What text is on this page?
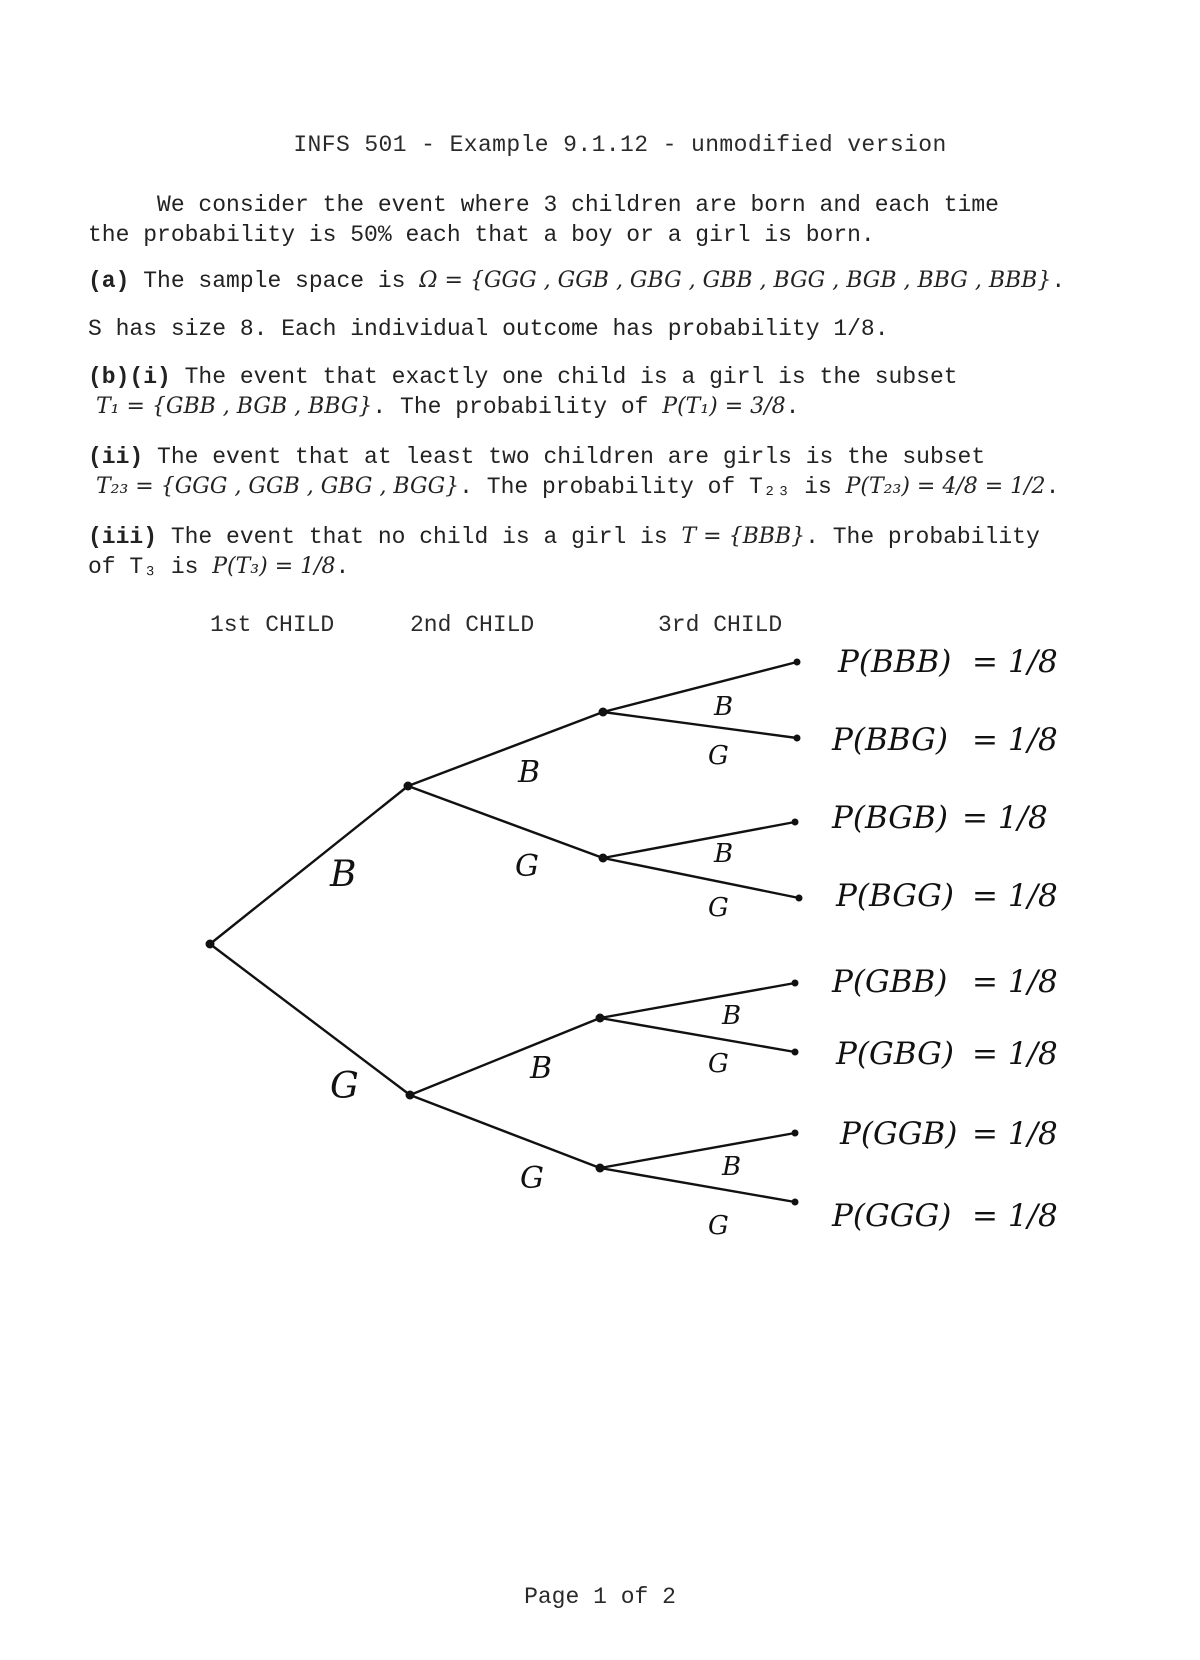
INFS 501 - Example 9.1.12 - unmodified version
We consider the event where 3 children are born and each time
the probability is 50% each that a boy or a girl is born.
(a) The sample space is Ω = {GGG , GGB , GBG , GBB , BGG , BGB , BBG , BBB}.
S has size 8. Each individual outcome has probability 1/8.
(b)(i) The event that exactly one child is a girl is the subset
T₁ = {GBB , BGB , BBG}. The probability of P(T₁) = 3/8.
(ii) The event that at least two children are girls is the subset
T₂₃ = {GGG , GGB , GBG , BGG}. The probability of T₂₃ is P(T₂₃) = 4/8 = 1/2.
(iii) The event that no child is a girl is T = {BBB}. The probability
of T₃ is P(T₃) = 1/8.
1st CHILD	2nd CHILD	3rd CHILD
B
G
B
G
B
G
B
G
B
G
B
G
B
G
P(BBB) = 1/8
P(BBG) = 1/8
P(BGB) = 1/8
P(BGG) = 1/8
P(GBB) = 1/8
P(GBG) = 1/8
P(GGB) = 1/8
P(GGG) = 1/8
Page 1 of 2
